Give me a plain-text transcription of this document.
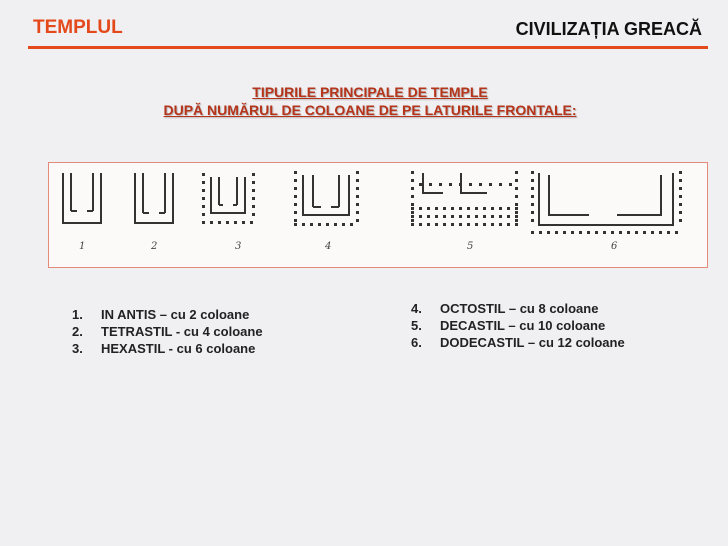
TEMPLUL	CIVILIZAȚIA GREACĂ
TIPURILE PRINCIPALE DE TEMPLE
DUPĂ NUMĂRUL DE COLOANE DE PE LATURILE FRONTALE:
1	2	3	4	5	6
1.	IN ANTIS – cu 2 coloane
2.	TETRASTIL - cu 4 coloane
3.	HEXASTIL - cu 6 coloane
4.	OCTOSTIL – cu 8 coloane
5.	DECASTIL – cu 10 coloane
6.	DODECASTIL – cu 12 coloane
